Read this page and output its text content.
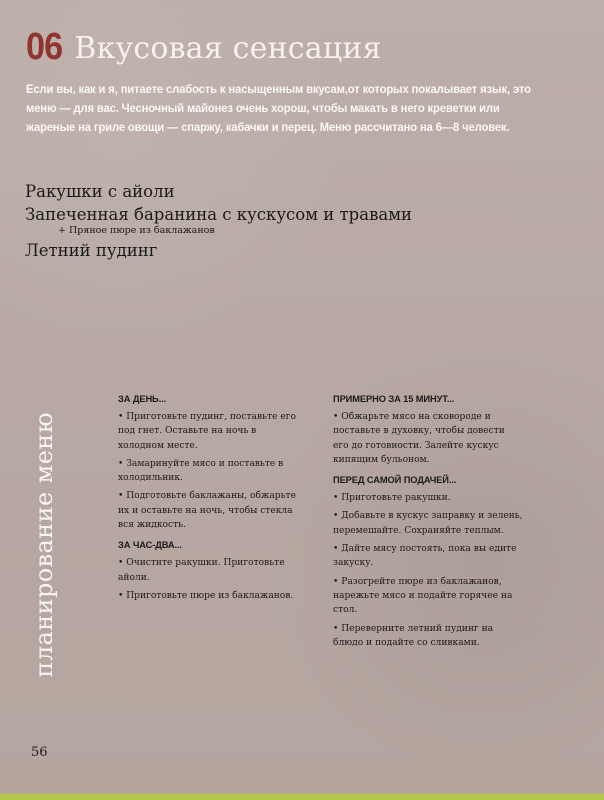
06 Вкусовая сенсация
Если вы, как и я, питаете слабость к насыщенным вкусам,от которых покалывает язык, это меню — для вас. Чесночный майонез очень хорош, чтобы макать в него креветки или жареные на гриле овощи — спаржу, кабачки и перец. Меню рассчитано на 6—8 человек.
Ракушки с айоли
Запеченная баранина с кускусом и травами
+ Пряное пюре из баклажанов
Летний пудинг
планирование меню
ЗА ДЕНЬ...
• Приготовьте пудинг, поставьте его под гнет. Оставьте на ночь в холодном месте.
• Замаринуйте мясо и поставьте в холодильник.
• Подготовьте баклажаны, обжарьте их и оставьте на ночь, чтобы стекла вся жидкость.
ЗА ЧАС-ДВА...
• Очистите ракушки. Приготовьте айоли.
• Приготовьте пюре из баклажанов.
ПРИМЕРНО ЗА 15 МИНУТ...
• Обжарьте мясо на сковороде и поставьте в духовку, чтобы довести его до готовности. Залейте кускус кипящим бульоном.
ПЕРЕД САМОЙ ПОДАЧЕЙ...
• Приготовьте ракушки.
• Добавьте в кускус заправку и зелень, перемешайте. Сохраняйте теплым.
• Дайте мясу постоять, пока вы едите закуску.
• Разогрейте пюре из баклажанов, нарежьте мясо и подайте горячее на стол.
• Переверните летний пудинг на блюдо и подайте со сливками.
56
